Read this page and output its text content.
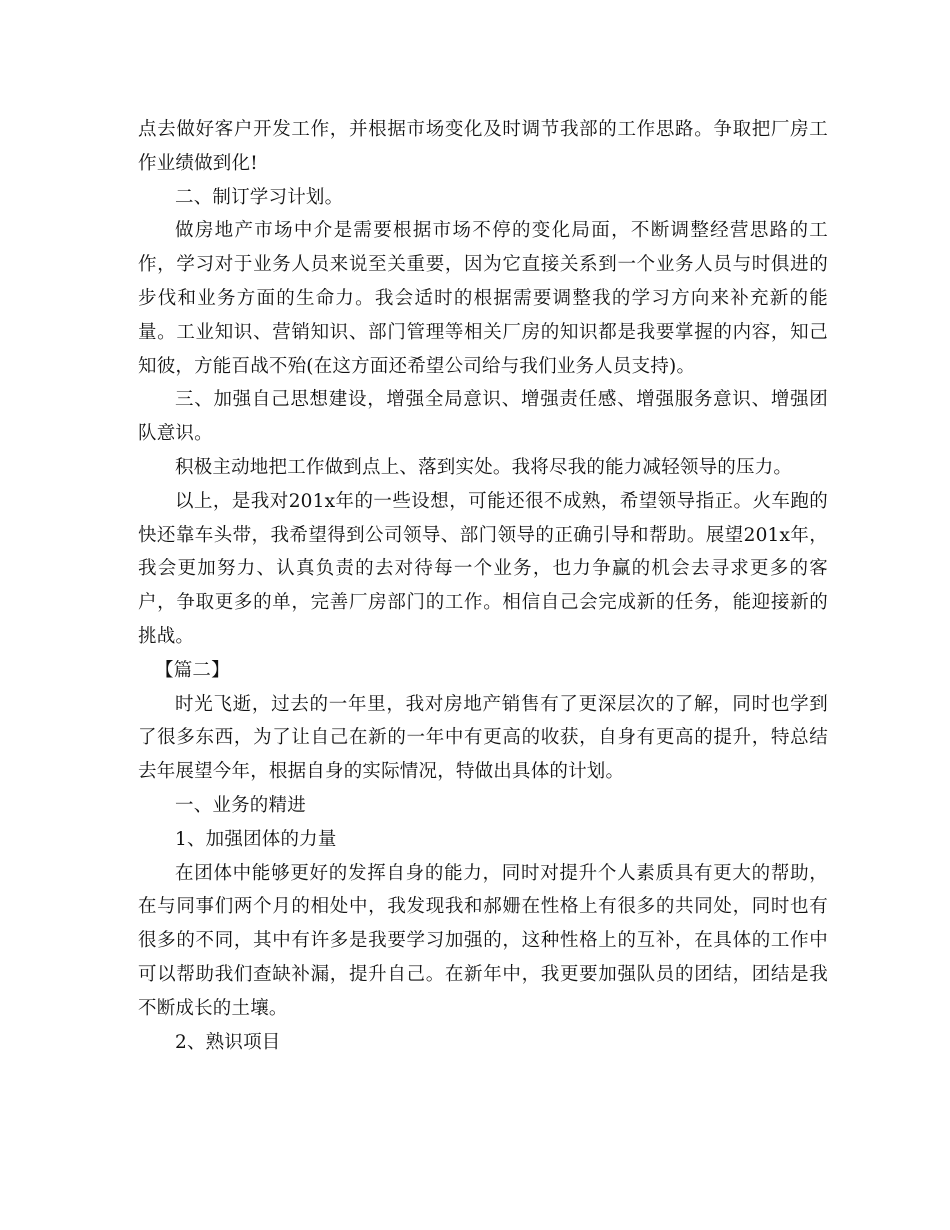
点去做好客户开发工作，并根据市场变化及时调节我部的工作思路。争取把厂房工作业绩做到化!

二、制订学习计划。

做房地产市场中介是需要根据市场不停的变化局面，不断调整经营思路的工作，学习对于业务人员来说至关重要，因为它直接关系到一个业务人员与时俱进的步伐和业务方面的生命力。我会适时的根据需要调整我的学习方向来补充新的能量。工业知识、营销知识、部门管理等相关厂房的知识都是我要掌握的内容，知己知彼，方能百战不殆(在这方面还希望公司给与我们业务人员支持)。

三、加强自己思想建设，增强全局意识、增强责任感、增强服务意识、增强团队意识。

积极主动地把工作做到点上、落到实处。我将尽我的能力减轻领导的压力。

以上，是我对201x年的一些设想，可能还很不成熟，希望领导指正。火车跑的快还靠车头带，我希望得到公司领导、部门领导的正确引导和帮助。展望201x年，我会更加努力、认真负责的去对待每一个业务，也力争赢的机会去寻求更多的客户，争取更多的单，完善厂房部门的工作。相信自己会完成新的任务，能迎接新的挑战。

【篇二】

时光飞逝，过去的一年里，我对房地产销售有了更深层次的了解，同时也学到了很多东西，为了让自己在新的一年中有更高的收获，自身有更高的提升，特总结去年展望今年，根据自身的实际情况，特做出具体的计划。

一、业务的精进

1、加强团体的力量

在团体中能够更好的发挥自身的能力，同时对提升个人素质具有更大的帮助，在与同事们两个月的相处中，我发现我和郝姗在性格上有很多的共同处，同时也有很多的不同，其中有许多是我要学习加强的，这种性格上的互补，在具体的工作中可以帮助我们查缺补漏，提升自己。在新年中，我更要加强队员的团结，团结是我不断成长的土壤。

2、熟识项目
